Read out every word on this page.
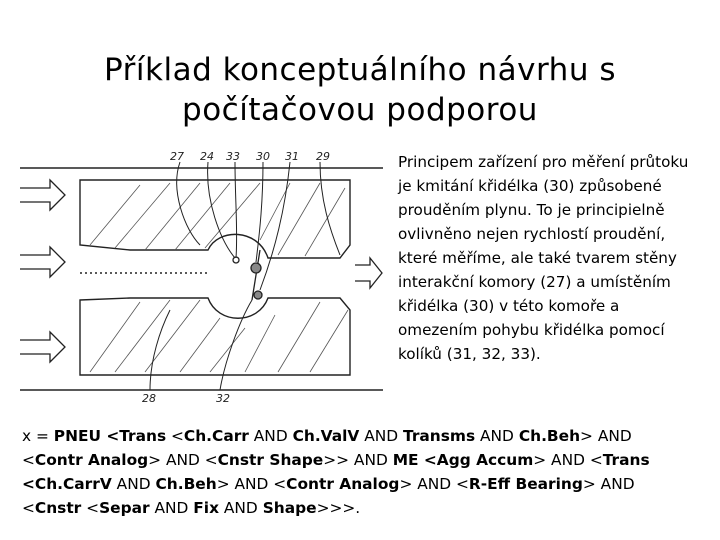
Příklad konceptuálního návrhu s
počítačovou podporou
27 24 33 30 31 29
28	32
Principem zařízení pro měření průtoku je kmitání křidélka (30) způsobené prouděním plynu. To je principielně ovlivněno nejen rychlostí proudění, které měříme, ale také tvarem stěny interakční komory (27) a umístěním křidélka (30) v této komoře a omezením pohybu křidélka pomocí kolíků (31, 32, 33).
x = PNEU <Trans <Ch.Carr AND Ch.ValV AND Transms AND Ch.Beh> AND
<Contr Analog> AND <Cnstr Shape>> AND ME <Agg Accum> AND <Trans
<Ch.CarrV AND Ch.Beh> AND <Contr Analog> AND <R-Eff Bearing> AND
<Cnstr <Separ AND Fix AND Shape>>>.
